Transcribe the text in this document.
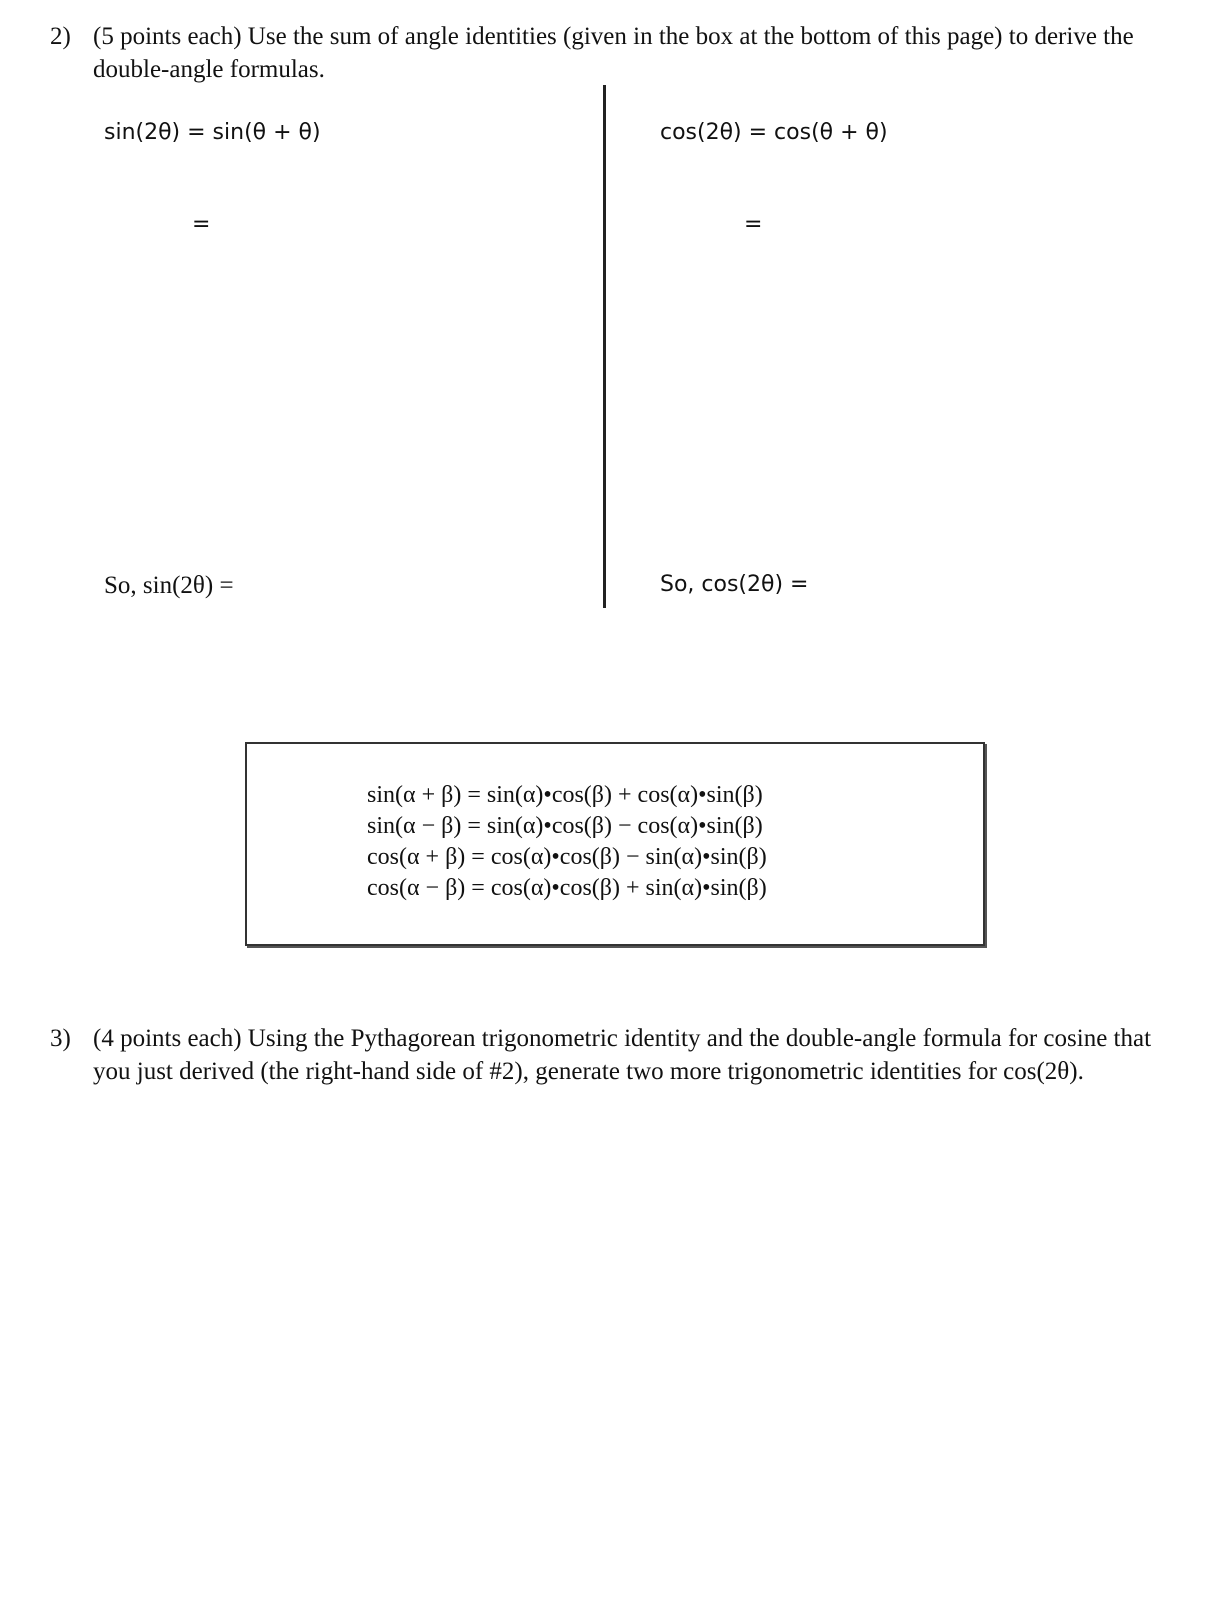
2) (5 points each) Use the sum of angle identities (given in the box at the bottom of this page) to derive the double-angle formulas.
sin(2θ) = sin(θ + θ)
=
So, sin(2θ) =
cos(2θ) = cos(θ + θ)
=
So, cos(2θ) =
sin(α + β) = sin(α)•cos(β) + cos(α)•sin(β)
sin(α − β) = sin(α)•cos(β) − cos(α)•sin(β)
cos(α + β) = cos(α)•cos(β) − sin(α)•sin(β)
cos(α − β) = cos(α)•cos(β) + sin(α)•sin(β)
3) (4 points each) Using the Pythagorean trigonometric identity and the double-angle formula for cosine that you just derived (the right-hand side of #2), generate two more trigonometric identities for cos(2θ).
